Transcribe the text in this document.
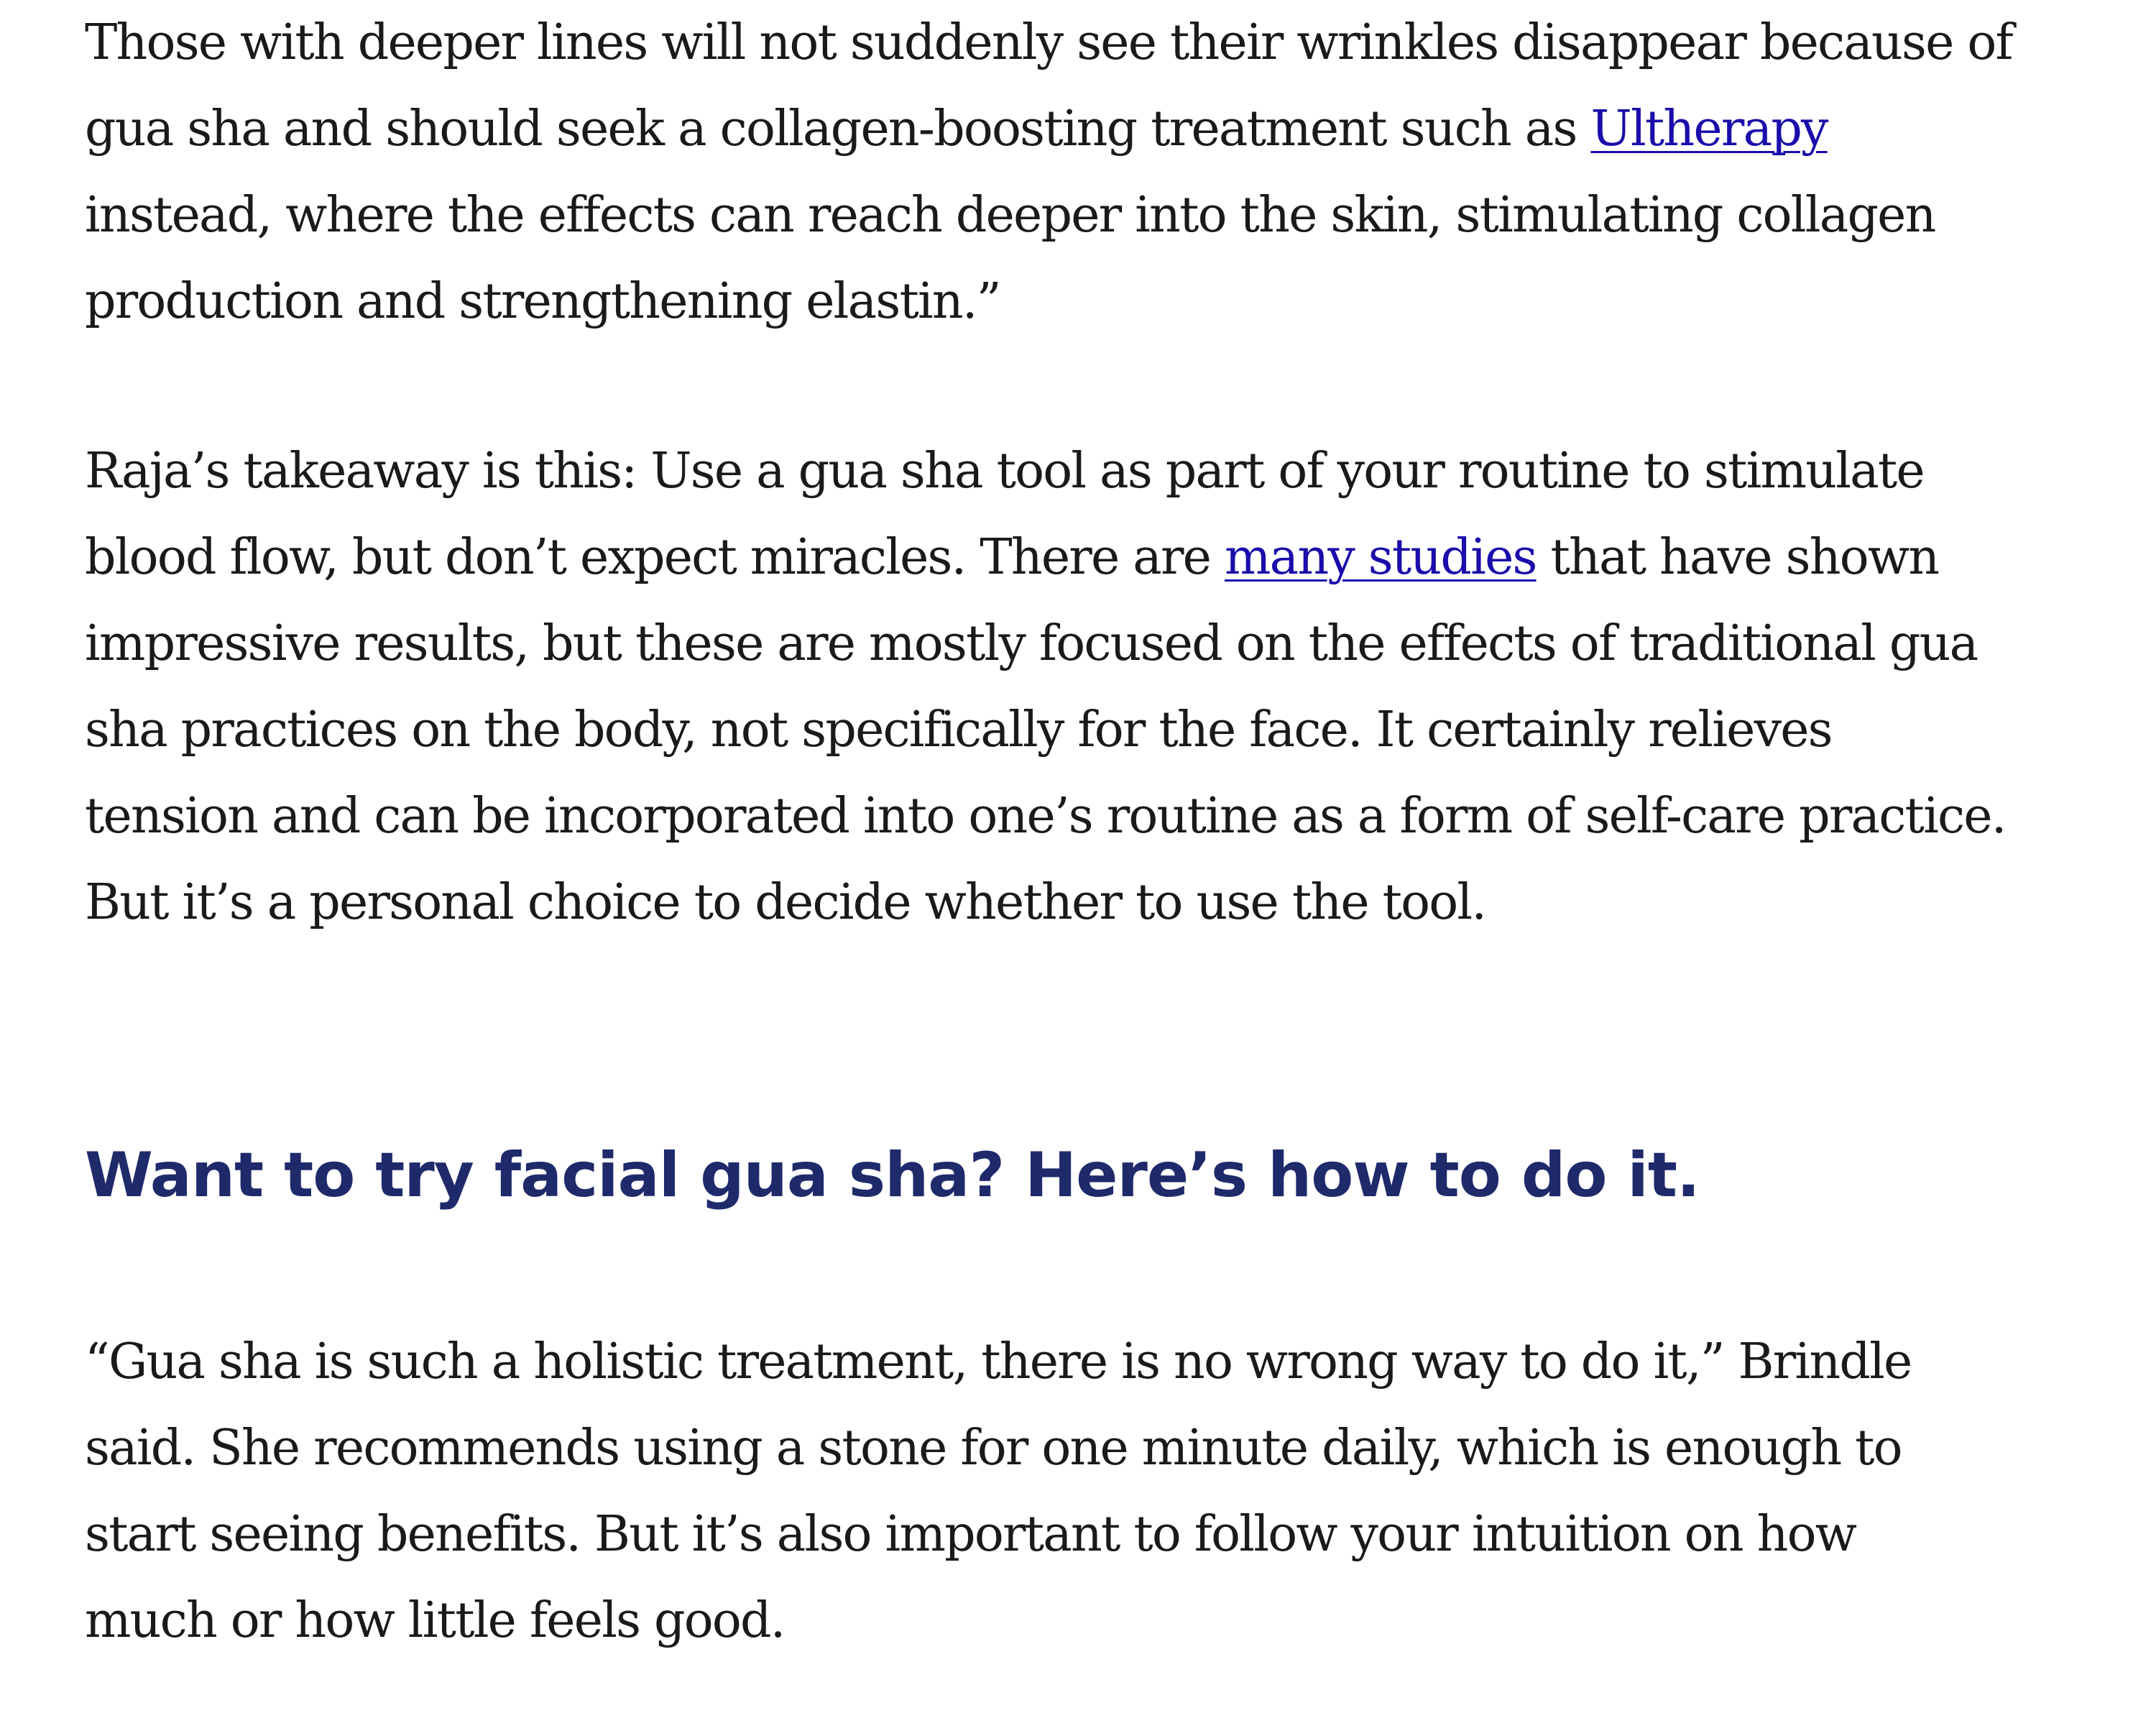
Those with deeper lines will not suddenly see their wrinkles disappear because of
gua sha and should seek a collagen-boosting treatment such as Ultherapy
instead, where the effects can reach deeper into the skin, stimulating collagen
production and strengthening elastin.”

Raja’s takeaway is this: Use a gua sha tool as part of your routine to stimulate
blood flow, but don’t expect miracles. There are many studies that have shown
impressive results, but these are mostly focused on the effects of traditional gua
sha practices on the body, not specifically for the face. It certainly relieves
tension and can be incorporated into one’s routine as a form of self-care practice.
But it’s a personal choice to decide whether to use the tool.

Want to try facial gua sha? Here’s how to do it.

“Gua sha is such a holistic treatment, there is no wrong way to do it,” Brindle
said. She recommends using a stone for one minute daily, which is enough to
start seeing benefits. But it’s also important to follow your intuition on how
much or how little feels good.
